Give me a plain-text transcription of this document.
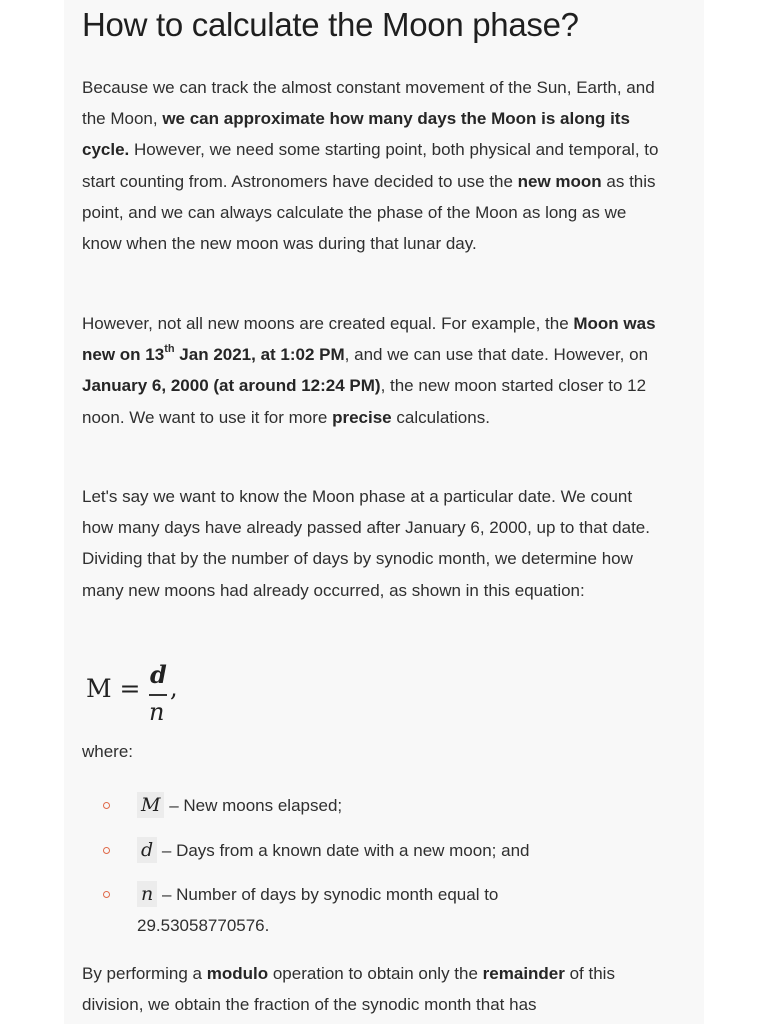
How to calculate the Moon phase?

Because we can track the almost constant movement of the Sun, Earth, and the Moon, we can approximate how many days the Moon is along its cycle. However, we need some starting point, both physical and temporal, to start counting from. Astronomers have decided to use the new moon as this point, and we can always calculate the phase of the Moon as long as we know when the new moon was during that lunar day.

However, not all new moons are created equal. For example, the Moon was new on 13th Jan 2021, at 1:02 PM, and we can use that date. However, on January 6, 2000 (at around 12:24 PM), the new moon started closer to 12 noon. We want to use it for more precise calculations.

Let's say we want to know the Moon phase at a particular date. We count how many days have already passed after January 6, 2000, up to that date. Dividing that by the number of days by synodic month, we determine how many new moons had already occurred, as shown in this equation:

M = d
n
,
where:
M – New moons elapsed;
d – Days from a known date with a new moon; and
n – Number of days by synodic month equal to 29.53058770576.

By performing a modulo operation to obtain only the remainder of this division, we obtain the fraction of the synodic month that has
